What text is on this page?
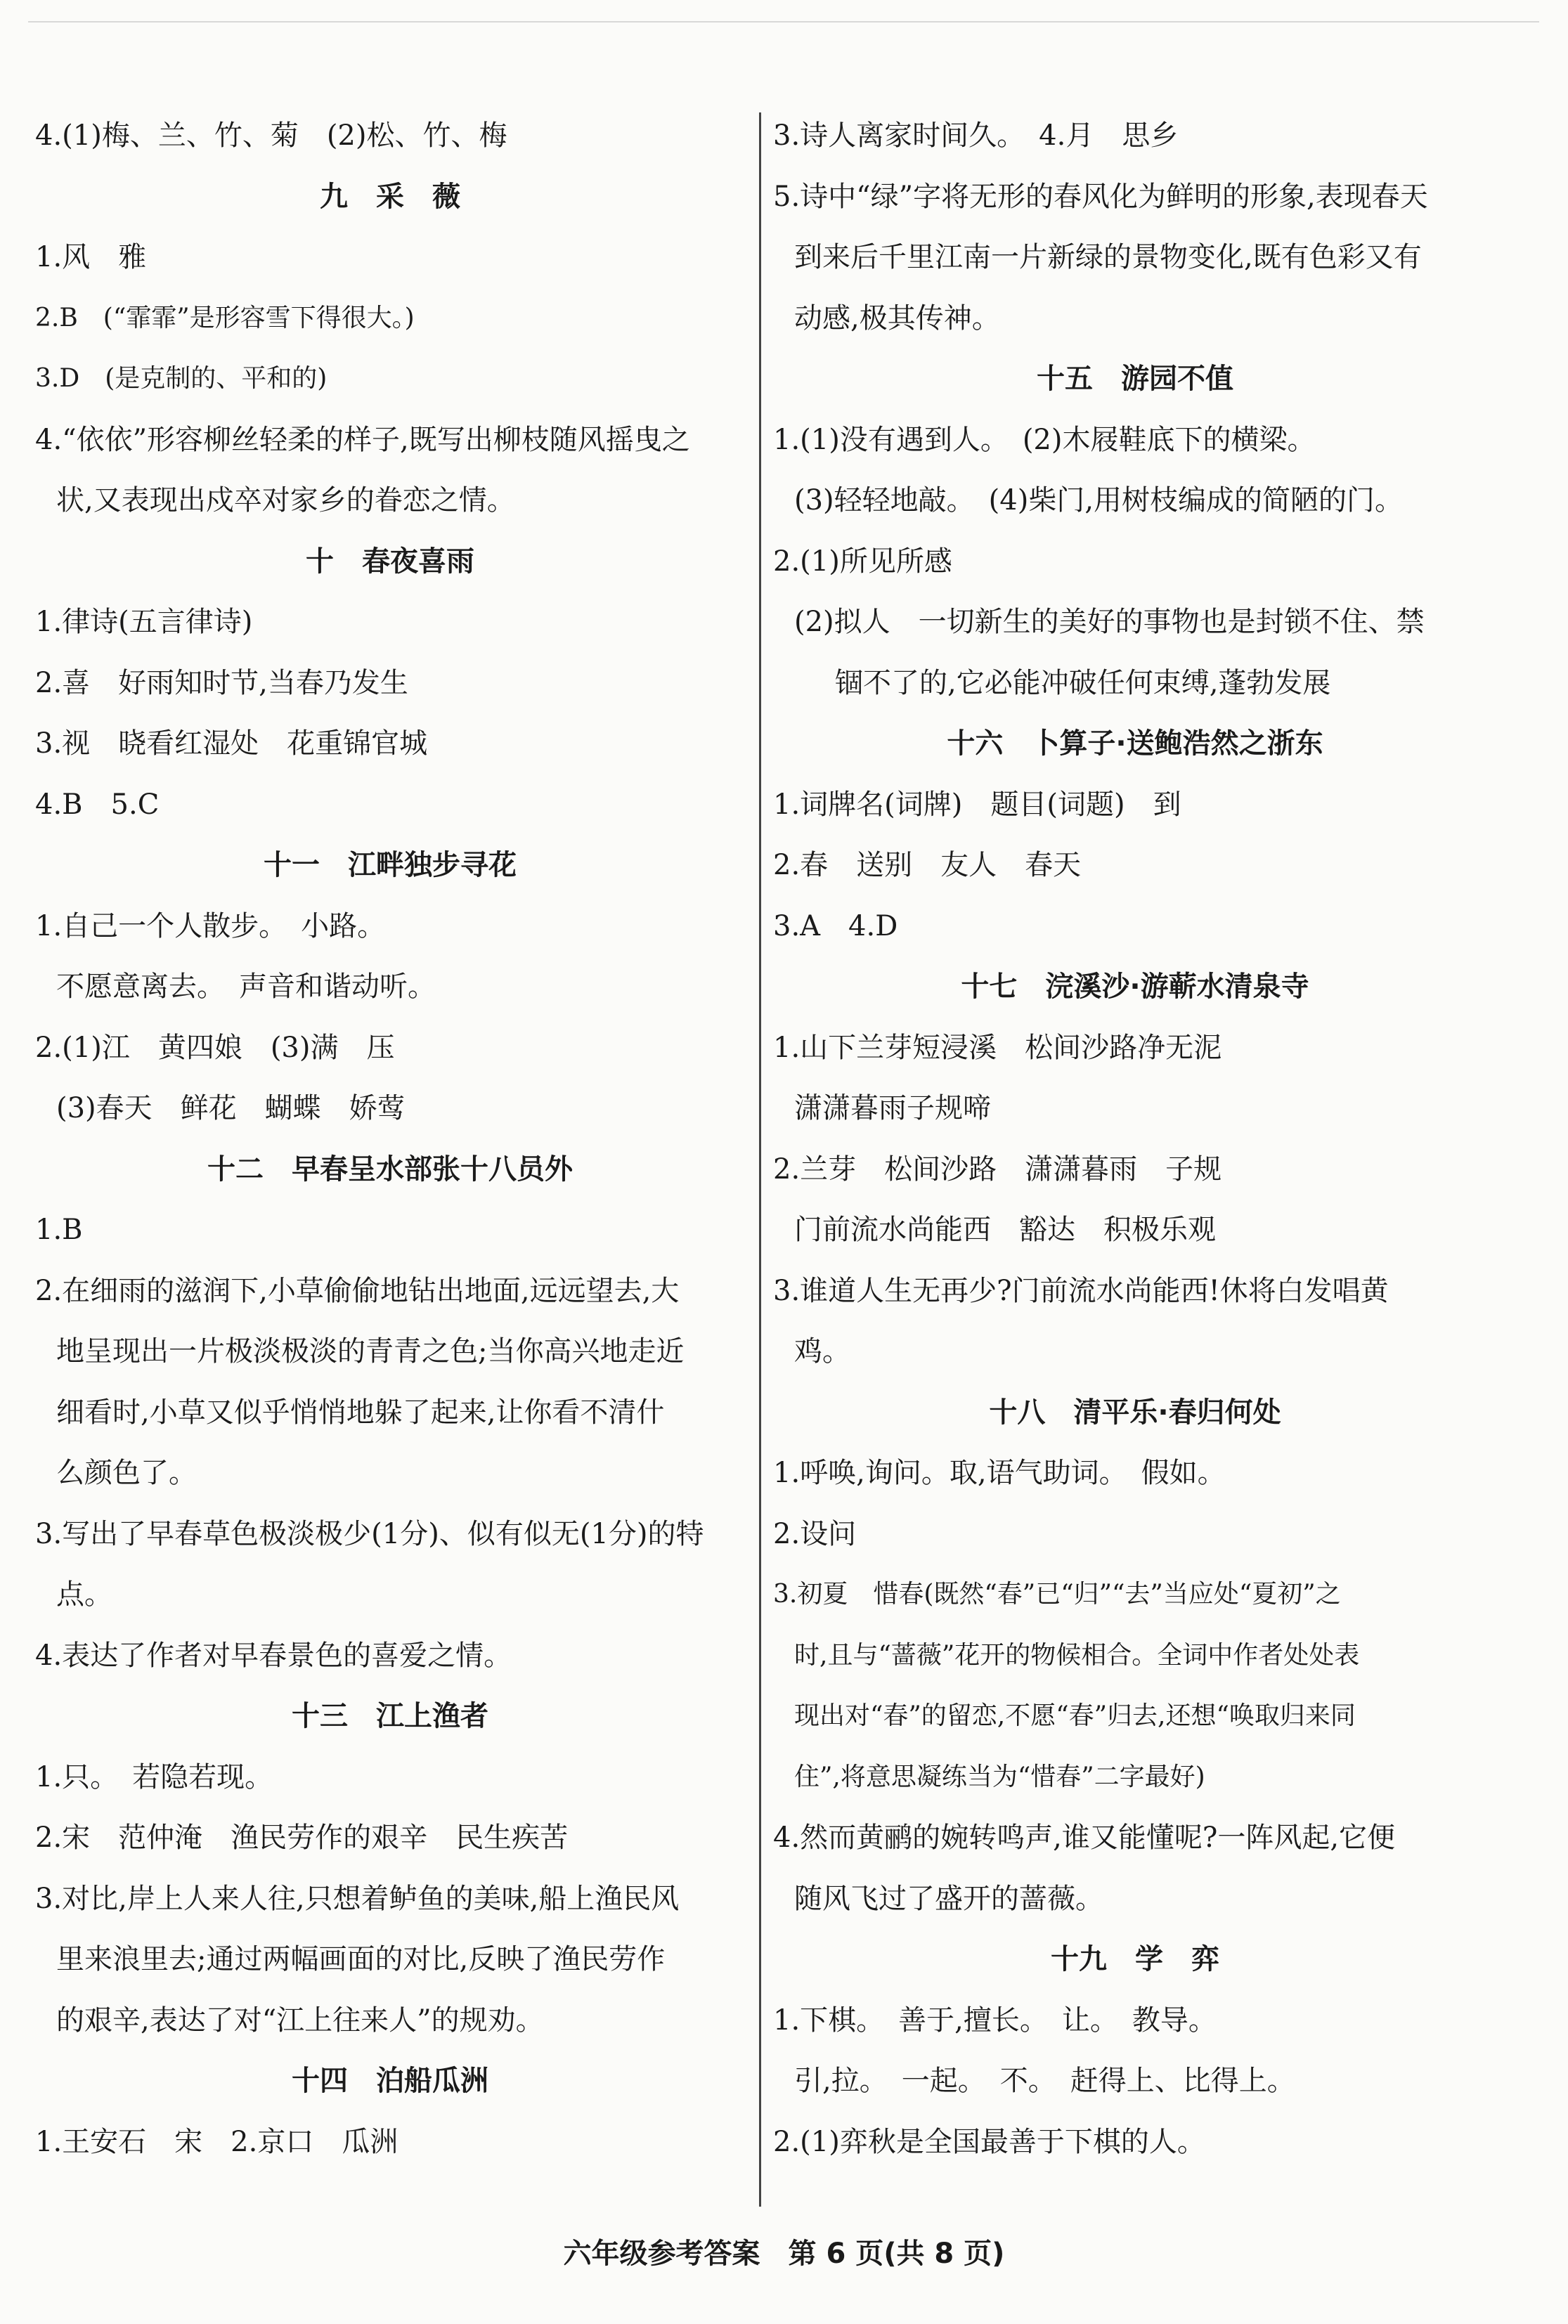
4.(1)梅、兰、竹、菊　(2)松、竹、梅
九　采　薇
1.风　雅
2.B　(“霏霏”是形容雪下得很大。)
3.D　(是克制的、平和的)
4.“依依”形容柳丝轻柔的样子,既写出柳枝随风摇曳之
状,又表现出戍卒对家乡的眷恋之情。
十　春夜喜雨
1.律诗(五言律诗)
2.喜　好雨知时节,当春乃发生
3.视　晓看红湿处　花重锦官城
4.B　5.C
十一　江畔独步寻花
1.自己一个人散步。　小路。
不愿意离去。　声音和谐动听。
2.(1)江　黄四娘　(3)满　压
(3)春天　鲜花　蝴蝶　娇莺
十二　早春呈水部张十八员外
1.B
2.在细雨的滋润下,小草偷偷地钻出地面,远远望去,大
地呈现出一片极淡极淡的青青之色;当你高兴地走近
细看时,小草又似乎悄悄地躲了起来,让你看不清什
么颜色了。
3.写出了早春草色极淡极少(1分)、似有似无(1分)的特
点。
4.表达了作者对早春景色的喜爱之情。
十三　江上渔者
1.只。　若隐若现。
2.宋　范仲淹　渔民劳作的艰辛　民生疾苦
3.对比,岸上人来人往,只想着鲈鱼的美味,船上渔民风
里来浪里去;通过两幅画面的对比,反映了渔民劳作
的艰辛,表达了对“江上往来人”的规劝。
十四　泊船瓜洲
1.王安石　宋　2.京口　瓜洲
3.诗人离家时间久。　4.月　思乡
5.诗中“绿”字将无形的春风化为鲜明的形象,表现春天
到来后千里江南一片新绿的景物变化,既有色彩又有
动感,极其传神。
十五　游园不值
1.(1)没有遇到人。　(2)木屐鞋底下的横梁。
(3)轻轻地敲。　(4)柴门,用树枝编成的简陋的门。
2.(1)所见所感
(2)拟人　一切新生的美好的事物也是封锁不住、禁
锢不了的,它必能冲破任何束缚,蓬勃发展
十六　卜算子·送鲍浩然之浙东
1.词牌名(词牌)　题目(词题)　到
2.春　送别　友人　春天
3.A　4.D
十七　浣溪沙·游蕲水清泉寺
1.山下兰芽短浸溪　松间沙路净无泥
潇潇暮雨子规啼
2.兰芽　松间沙路　潇潇暮雨　子规
门前流水尚能西　豁达　积极乐观
3.谁道人生无再少?门前流水尚能西!休将白发唱黄
鸡。
十八　清平乐·春归何处
1.呼唤,询问。取,语气助词。　假如。
2.设问
3.初夏　惜春(既然“春”已“归”“去”当应处“夏初”之
时,且与“蔷薇”花开的物候相合。全词中作者处处表
现出对“春”的留恋,不愿“春”归去,还想“唤取归来同
住”,将意思凝练当为“惜春”二字最好)
4.然而黄鹂的婉转鸣声,谁又能懂呢?一阵风起,它便
随风飞过了盛开的蔷薇。
十九　学　弈
1.下棋。　善于,擅长。　让。　教导。
引,拉。　一起。　不。　赶得上、比得上。
2.(1)弈秋是全国最善于下棋的人。
六年级参考答案　第 6 页(共 8 页)
